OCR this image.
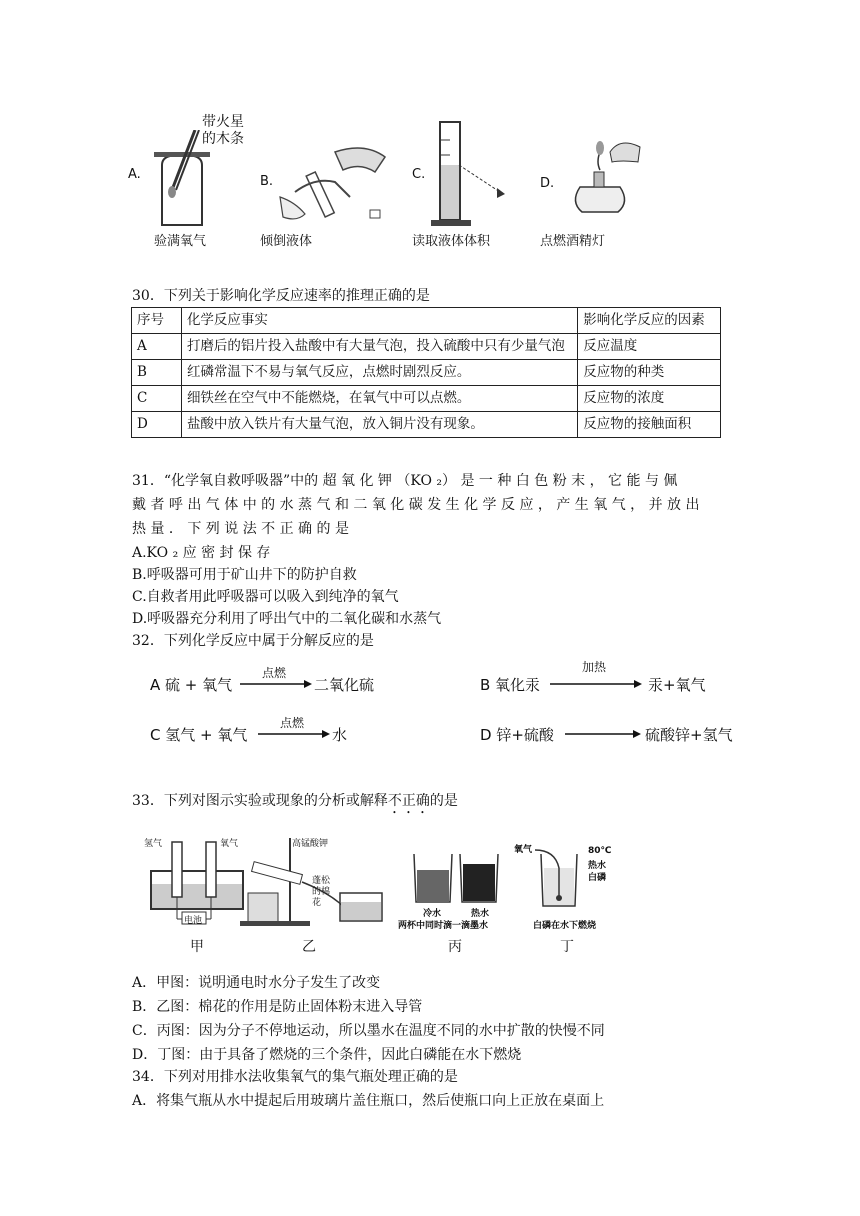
A.
带火星的木条
验满氧气
B.
倾倒液体
C.
读取液体体积
D.
点燃酒精灯
30．下列关于影响化学反应速率的推理正确的是
序号	化学反应事实	影响化学反应的因素
A	打磨后的铝片投入盐酸中有大量气泡，投入硫酸中只有少量气泡	反应温度
B	红磷常温下不易与氧气反应，点燃时剧烈反应。	反应物的种类
C	细铁丝在空气中不能燃烧，在氧气中可以点燃。	反应物的浓度
D	盐酸中放入铁片有大量气泡，放入铜片没有现象。	反应物的接触面积
31．“化学氧自救呼吸器”中的 超 氧 化 钾 （KO ₂） 是 一 种 白 色 粉 末 ， 它 能 与 佩
戴 者 呼 出 气 体 中 的 水 蒸 气 和 二 氧 化 碳 发 生 化 学 反 应 ， 产 生 氧 气 ， 并 放 出
热 量 ． 下 列 说 法 不 正 确 的 是
A.KO ₂ 应 密 封 保 存
B.呼吸器可用于矿山井下的防护自救
C.自救者用此呼吸器可以吸入到纯净的氧气
D.呼吸器充分利用了呼出气中的二氧化碳和水蒸气
32．下列化学反应中属于分解反应的是
A 硫 + 氧气
点燃
二氧化硫	B 氧化汞
加热
汞+氧气
C 氢气 + 氧气
点燃
水	D 锌+硫酸	硫酸锌+氢气
33．下列对图示实验或现象的分析或解释不正确的是
氢气	氧气
电池
甲
高锰酸钾
蓬松的棉花
乙
冷水	热水
两杯中同时滴一滴墨水
丙
氧气	80℃
热水
白磷
白磷在水下燃烧
丁
A．甲图：说明通电时水分子发生了改变
B．乙图：棉花的作用是防止固体粉末进入导管
C．丙图：因为分子不停地运动，所以墨水在温度不同的水中扩散的快慢不同
D．丁图：由于具备了燃烧的三个条件，因此白磷能在水下燃烧
34．下列对用排水法收集氧气的集气瓶处理正确的是
A．将集气瓶从水中提起后用玻璃片盖住瓶口，然后使瓶口向上正放在桌面上
